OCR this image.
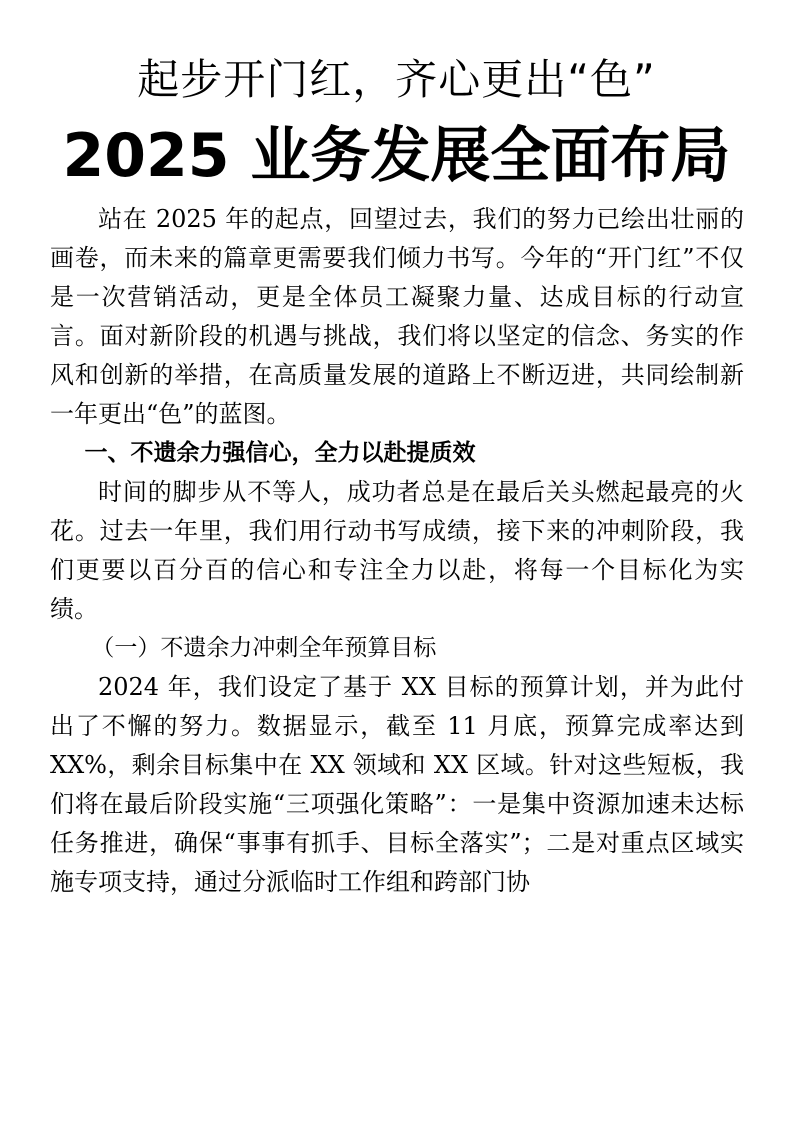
起步开门红，齐心更出“色”
2025 业务发展全面布局

站在 2025 年的起点，回望过去，我们的努力已绘出壮丽的画卷，而未来的篇章更需要我们倾力书写。今年的“开门红”不仅是一次营销活动，更是全体员工凝聚力量、达成目标的行动宣言。面对新阶段的机遇与挑战，我们将以坚定的信念、务实的作风和创新的举措，在高质量发展的道路上不断迈进，共同绘制新一年更出“色”的蓝图。

一、不遗余力强信心，全力以赴提质效

时间的脚步从不等人，成功者总是在最后关头燃起最亮的火花。过去一年里，我们用行动书写成绩，接下来的冲刺阶段，我们更要以百分百的信心和专注全力以赴，将每一个目标化为实绩。

（一）不遗余力冲刺全年预算目标

2024 年，我们设定了基于 XX 目标的预算计划，并为此付出了不懈的努力。数据显示，截至 11 月底，预算完成率达到 XX%，剩余目标集中在 XX 领域和 XX 区域。针对这些短板，我们将在最后阶段实施“三项强化策略”：一是集中资源加速未达标任务推进，确保“事事有抓手、目标全落实”；二是对重点区域实施专项支持，通过分派临时工作组和跨部门协
